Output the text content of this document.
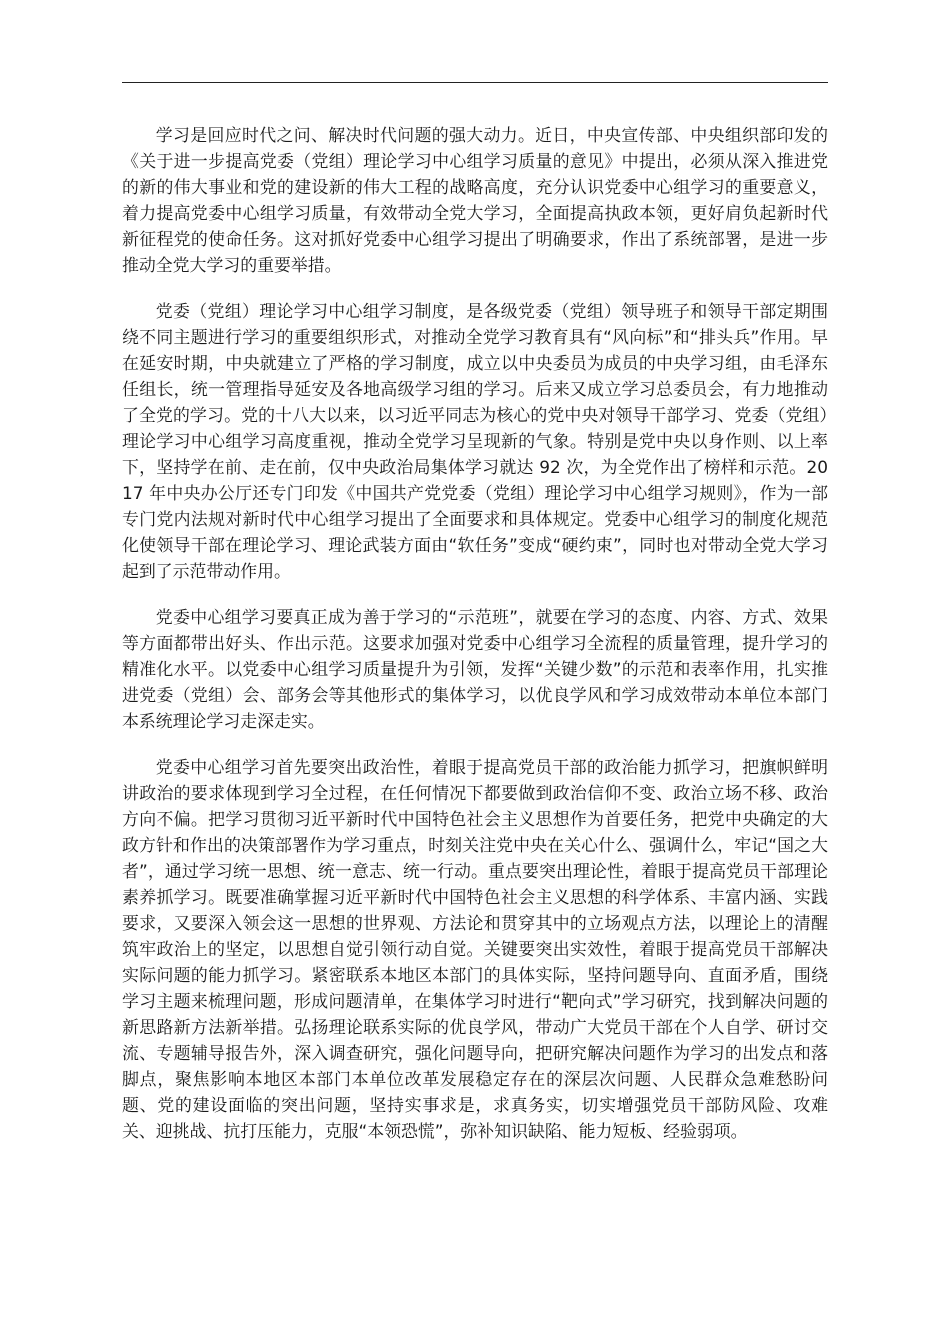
学习是回应时代之问、解决时代问题的强大动力。近日，中央宣传部、中央组织部印发的《关于进一步提高党委（党组）理论学习中心组学习质量的意见》中提出，必须从深入推进党的新的伟大事业和党的建设新的伟大工程的战略高度，充分认识党委中心组学习的重要意义，着力提高党委中心组学习质量，有效带动全党大学习，全面提高执政本领，更好肩负起新时代新征程党的使命任务。这对抓好党委中心组学习提出了明确要求，作出了系统部署，是进一步推动全党大学习的重要举措。

党委（党组）理论学习中心组学习制度，是各级党委（党组）领导班子和领导干部定期围绕不同主题进行学习的重要组织形式，对推动全党学习教育具有“风向标”和“排头兵”作用。早在延安时期，中央就建立了严格的学习制度，成立以中央委员为成员的中央学习组，由毛泽东任组长，统一管理指导延安及各地高级学习组的学习。后来又成立学习总委员会，有力地推动了全党的学习。党的十八大以来，以习近平同志为核心的党中央对领导干部学习、党委（党组）理论学习中心组学习高度重视，推动全党学习呈现新的气象。特别是党中央以身作则、以上率下，坚持学在前、走在前，仅中央政治局集体学习就达 92 次，为全党作出了榜样和示范。2017 年中央办公厅还专门印发《中国共产党党委（党组）理论学习中心组学习规则》，作为一部专门党内法规对新时代中心组学习提出了全面要求和具体规定。党委中心组学习的制度化规范化使领导干部在理论学习、理论武装方面由“软任务”变成“硬约束”，同时也对带动全党大学习起到了示范带动作用。

党委中心组学习要真正成为善于学习的“示范班”，就要在学习的态度、内容、方式、效果等方面都带出好头、作出示范。这要求加强对党委中心组学习全流程的质量管理，提升学习的精准化水平。以党委中心组学习质量提升为引领，发挥“关键少数”的示范和表率作用，扎实推进党委（党组）会、部务会等其他形式的集体学习，以优良学风和学习成效带动本单位本部门本系统理论学习走深走实。

党委中心组学习首先要突出政治性，着眼于提高党员干部的政治能力抓学习，把旗帜鲜明讲政治的要求体现到学习全过程，在任何情况下都要做到政治信仰不变、政治立场不移、政治方向不偏。把学习贯彻习近平新时代中国特色社会主义思想作为首要任务，把党中央确定的大政方针和作出的决策部署作为学习重点，时刻关注党中央在关心什么、强调什么，牢记“国之大者”，通过学习统一思想、统一意志、统一行动。重点要突出理论性，着眼于提高党员干部理论素养抓学习。既要准确掌握习近平新时代中国特色社会主义思想的科学体系、丰富内涵、实践要求，又要深入领会这一思想的世界观、方法论和贯穿其中的立场观点方法，以理论上的清醒筑牢政治上的坚定，以思想自觉引领行动自觉。关键要突出实效性，着眼于提高党员干部解决实际问题的能力抓学习。紧密联系本地区本部门的具体实际，坚持问题导向、直面矛盾，围绕学习主题来梳理问题，形成问题清单，在集体学习时进行“靶向式”学习研究，找到解决问题的新思路新方法新举措。弘扬理论联系实际的优良学风，带动广大党员干部在个人自学、研讨交流、专题辅导报告外，深入调查研究，强化问题导向，把研究解决问题作为学习的出发点和落脚点，聚焦影响本地区本部门本单位改革发展稳定存在的深层次问题、人民群众急难愁盼问题、党的建设面临的突出问题，坚持实事求是，求真务实，切实增强党员干部防风险、攻难关、迎挑战、抗打压能力，克服“本领恐慌”，弥补知识缺陷、能力短板、经验弱项。
